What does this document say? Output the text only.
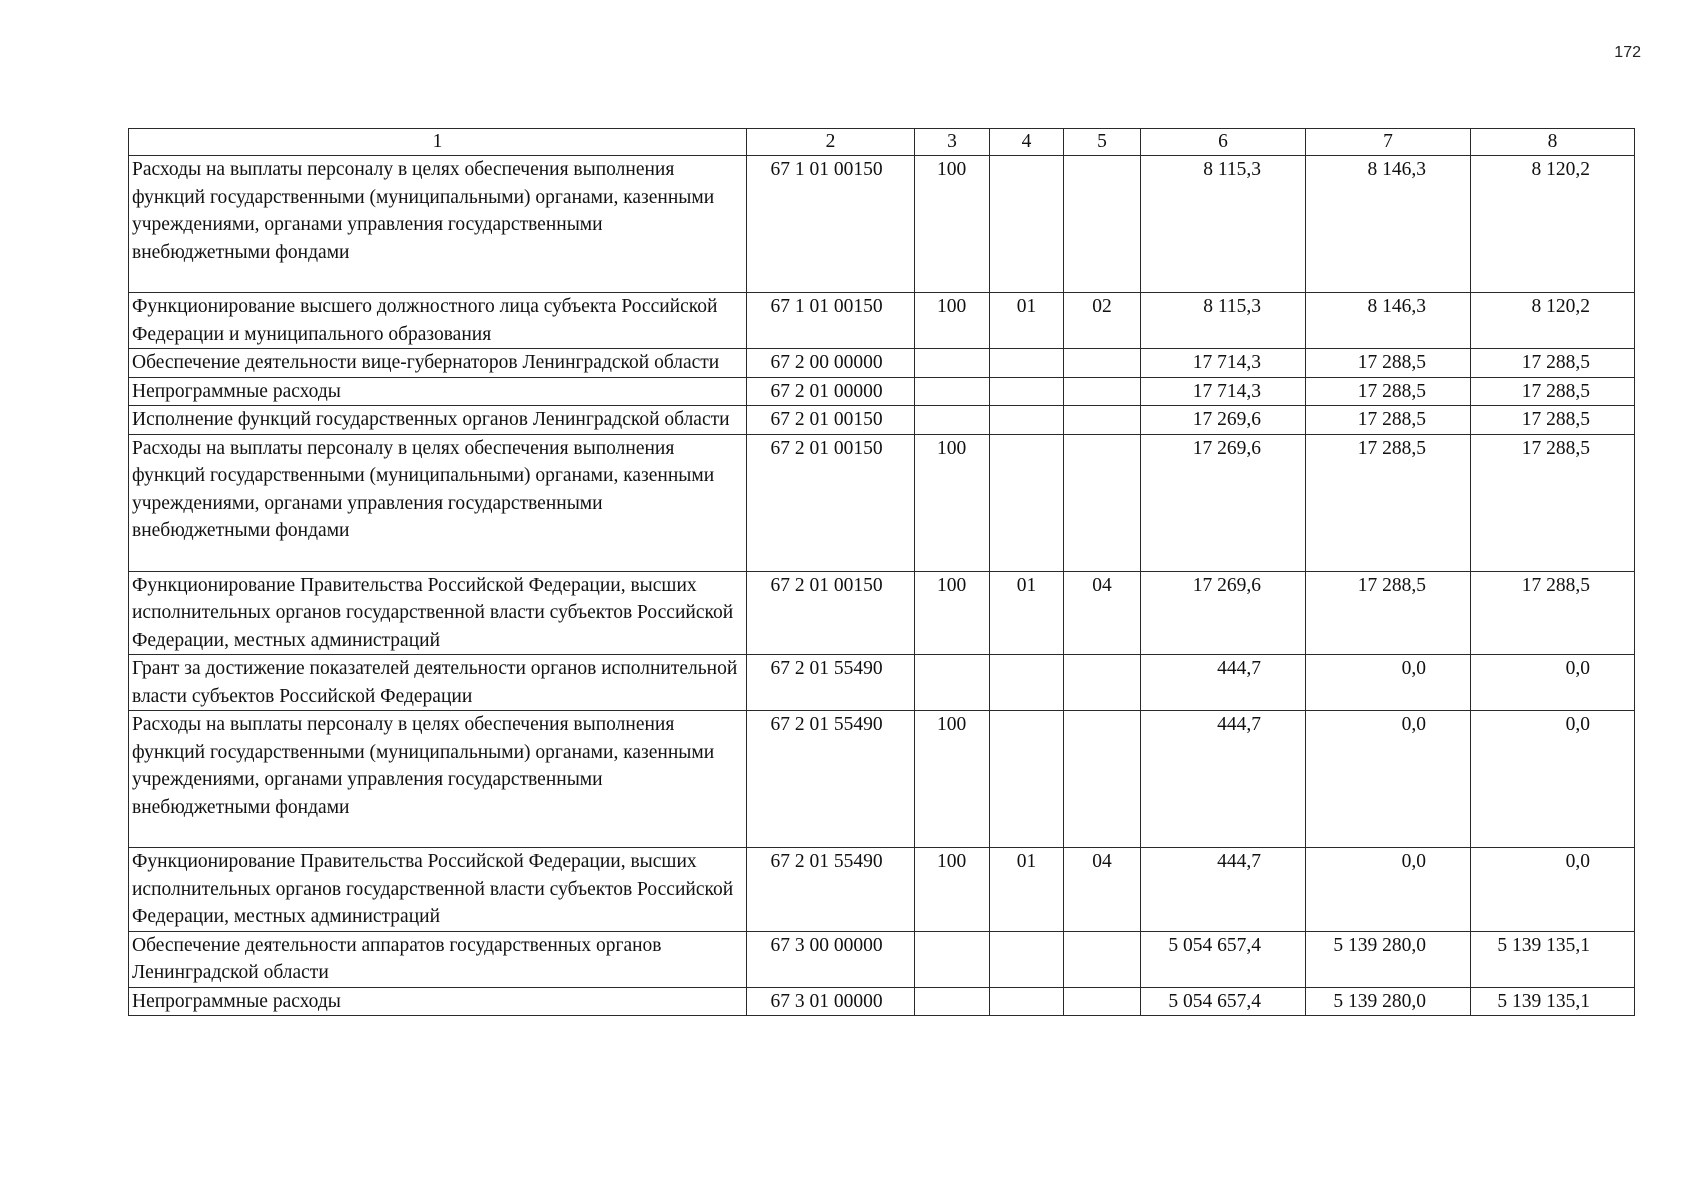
172
1	2	3	4	5	6	7	8
Расходы на выплаты персоналу в целях обеспечения выполнения функций государственными (муниципальными) органами, казенными учреждениями, органами управления государственными внебюджетными фондами	67 1 01 00150	100			8 115,3	8 146,3	8 120,2
Функционирование высшего должностного лица субъекта Российской Федерации и муниципального образования	67 1 01 00150	100	01	02	8 115,3	8 146,3	8 120,2
Обеспечение деятельности вице-губернаторов Ленинградской области	67 2 00 00000				17 714,3	17 288,5	17 288,5
Непрограммные расходы	67 2 01 00000				17 714,3	17 288,5	17 288,5
Исполнение функций государственных органов Ленинградской области	67 2 01 00150				17 269,6	17 288,5	17 288,5
Расходы на выплаты персоналу в целях обеспечения выполнения функций государственными (муниципальными) органами, казенными учреждениями, органами управления государственными внебюджетными фондами	67 2 01 00150	100			17 269,6	17 288,5	17 288,5
Функционирование Правительства Российской Федерации, высших исполнительных органов государственной власти субъектов Российской Федерации, местных администраций	67 2 01 00150	100	01	04	17 269,6	17 288,5	17 288,5
Грант за достижение показателей деятельности органов исполнительной власти субъектов Российской Федерации	67 2 01 55490				444,7	0,0	0,0
Расходы на выплаты персоналу в целях обеспечения выполнения функций государственными (муниципальными) органами, казенными учреждениями, органами управления государственными внебюджетными фондами	67 2 01 55490	100			444,7	0,0	0,0
Функционирование Правительства Российской Федерации, высших исполнительных органов государственной власти субъектов Российской Федерации, местных администраций	67 2 01 55490	100	01	04	444,7	0,0	0,0
Обеспечение деятельности аппаратов государственных органов Ленинградской области	67 3 00 00000				5 054 657,4	5 139 280,0	5 139 135,1
Непрограммные расходы	67 3 01 00000				5 054 657,4	5 139 280,0	5 139 135,1
